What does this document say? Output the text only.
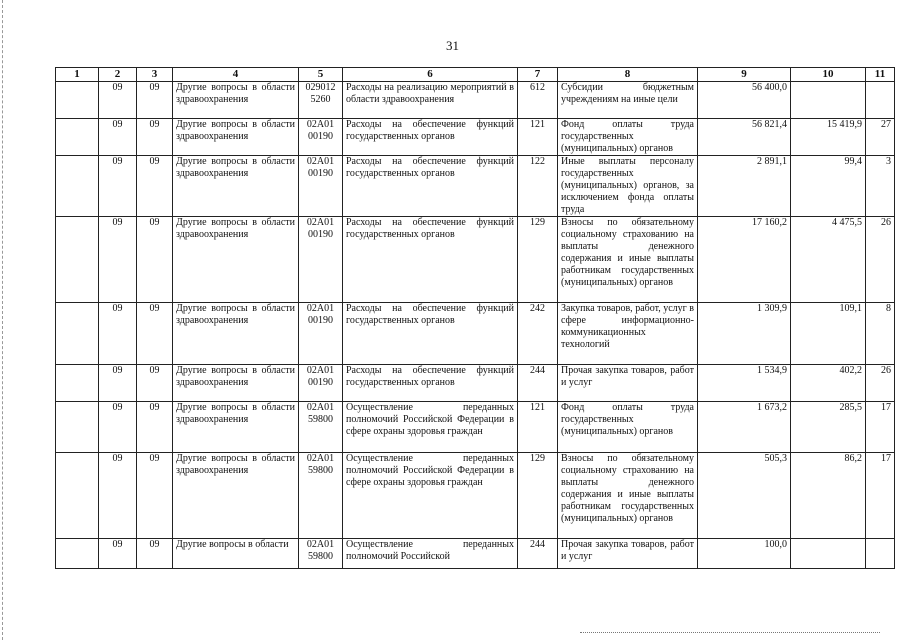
31
1	2	3	4	5	6	7	8	9	10	11
	09	09	Другие вопросы в области здравоохранения	029012 5260	Расходы на реализацию мероприятий в области здравоохранения	612	Субсидии бюджетным учреждениям на иные цели	56 400,0		
	09	09	Другие вопросы в области здравоохранения	02А01 00190	Расходы на обеспечение функций государственных органов	121	Фонд оплаты труда государственных (муниципальных) органов	56 821,4	15 419,9	27
	09	09	Другие вопросы в области здравоохранения	02А01 00190	Расходы на обеспечение функций государственных органов	122	Иные выплаты персоналу государственных (муниципальных) органов, за исключением фонда оплаты труда	2 891,1	99,4	3
	09	09	Другие вопросы в области здравоохранения	02А01 00190	Расходы на обеспечение функций государственных органов	129	Взносы по обязательному социальному страхованию на выплаты денежного содержания и иные выплаты работникам государственных (муниципальных) органов	17 160,2	4 475,5	26
	09	09	Другие вопросы в области здравоохранения	02А01 00190	Расходы на обеспечение функций государственных органов	242	Закупка товаров, работ, услуг в сфере информационно-коммуникационных технологий	1 309,9	109,1	8
	09	09	Другие вопросы в области здравоохранения	02А01 00190	Расходы на обеспечение функций государственных органов	244	Прочая закупка товаров, работ и услуг	1 534,9	402,2	26
	09	09	Другие вопросы в области здравоохранения	02А01 59800	Осуществление переданных полномочий Российской Федерации в сфере охраны здоровья граждан	121	Фонд оплаты труда государственных (муниципальных) органов	1 673,2	285,5	17
	09	09	Другие вопросы в области здравоохранения	02А01 59800	Осуществление переданных полномочий Российской Федерации в сфере охраны здоровья граждан	129	Взносы по обязательному социальному страхованию на выплаты денежного содержания и иные выплаты работникам государственных (муниципальных) органов	505,3	86,2	17
	09	09	Другие вопросы в области	02А01 59800	Осуществление переданных полномочий Российской	244	Прочая закупка товаров, работ и услуг	100,0		
